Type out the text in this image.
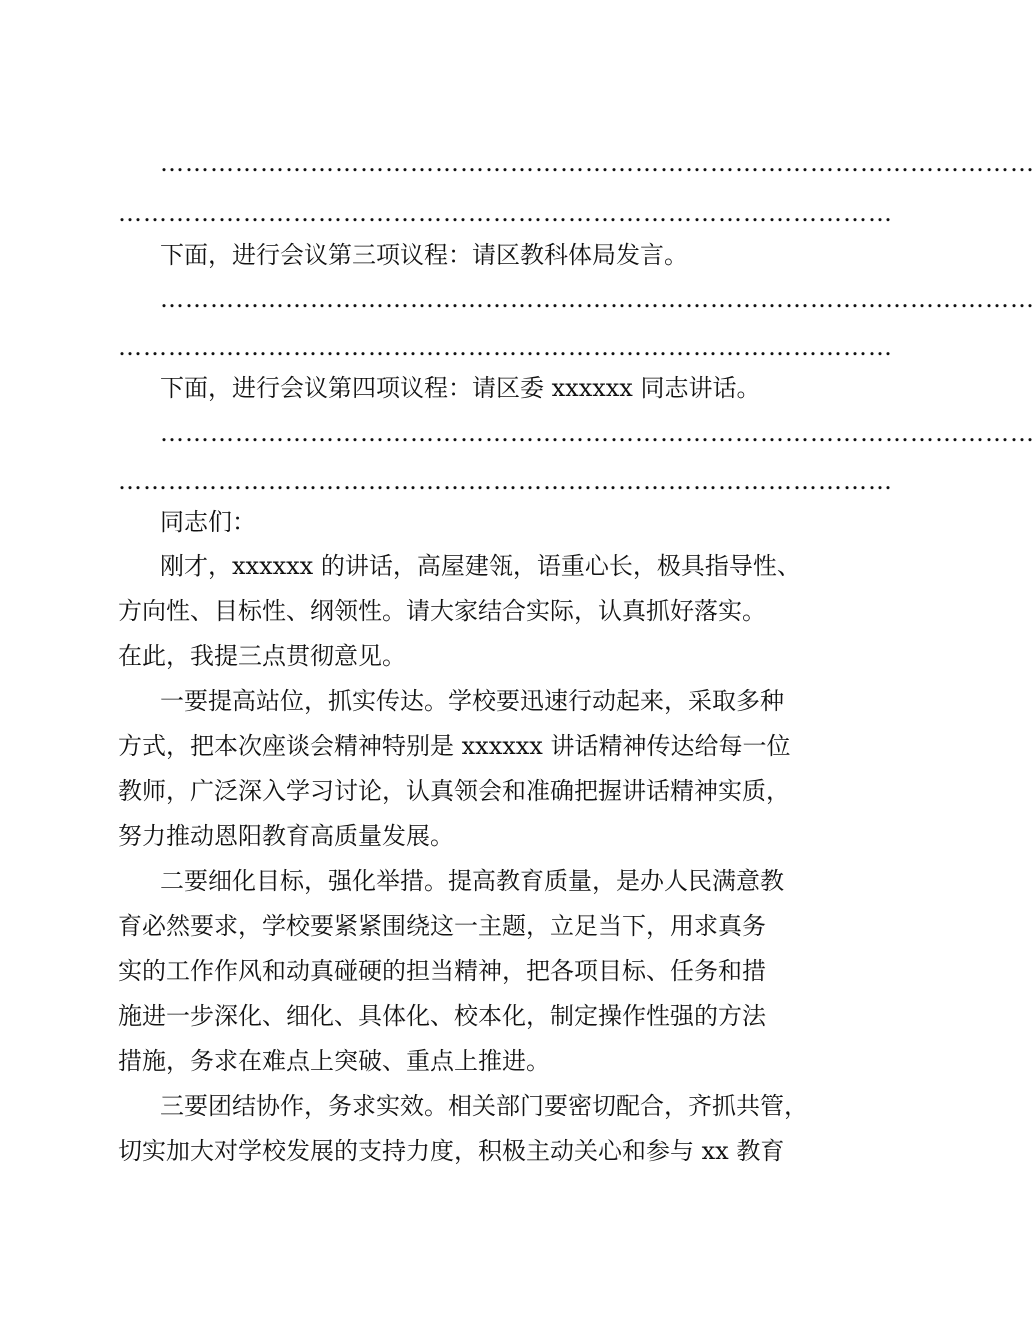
……………………………………………………………………………………………
…………………………………………………………………………………
下面，进行会议第三项议程：请区教科体局发言。
……………………………………………………………………………………………
…………………………………………………………………………………
下面，进行会议第四项议程：请区委 xxxxxx 同志讲话。
……………………………………………………………………………………………
…………………………………………………………………………………
同志们：
刚才，xxxxxx 的讲话，高屋建瓴，语重心长，极具指导性、
方向性、目标性、纲领性。请大家结合实际，认真抓好落实。
在此，我提三点贯彻意见。
一要提高站位，抓实传达。学校要迅速行动起来，采取多种
方式，把本次座谈会精神特别是 xxxxxx 讲话精神传达给每一位
教师，广泛深入学习讨论，认真领会和准确把握讲话精神实质，
努力推动恩阳教育高质量发展。
二要细化目标，强化举措。提高教育质量，是办人民满意教
育必然要求，学校要紧紧围绕这一主题，立足当下，用求真务
实的工作作风和动真碰硬的担当精神，把各项目标、任务和措
施进一步深化、细化、具体化、校本化，制定操作性强的方法
措施，务求在难点上突破、重点上推进。
三要团结协作，务求实效。相关部门要密切配合，齐抓共管，
切实加大对学校发展的支持力度，积极主动关心和参与 xx 教育
